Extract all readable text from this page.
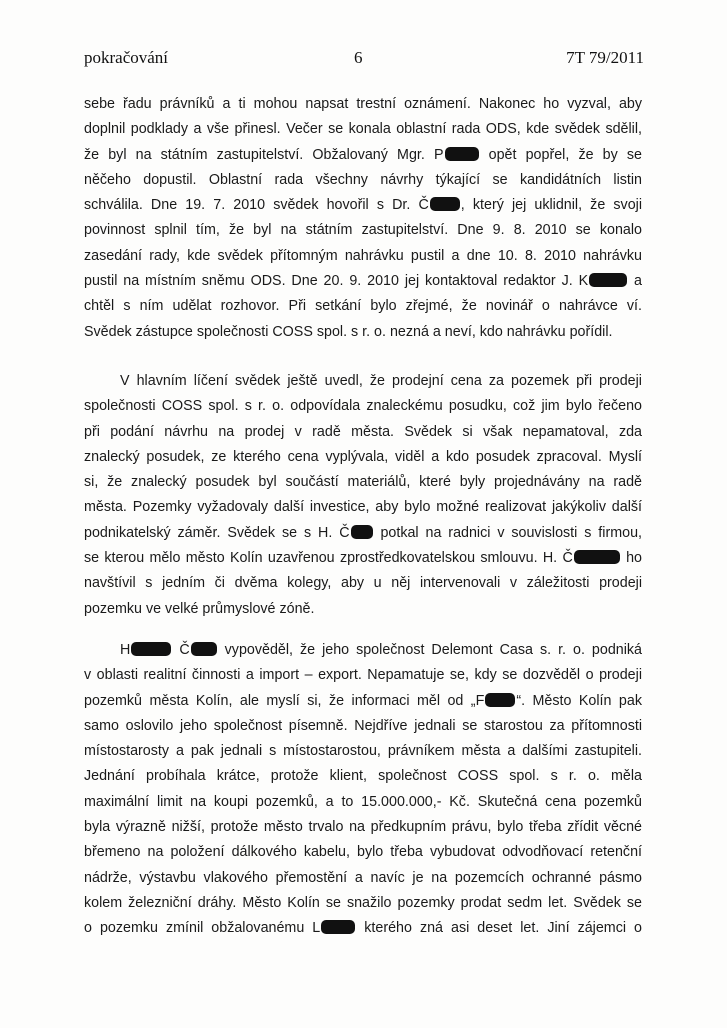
pokračování	6	7T 79/2011
sebe řadu právníků a ti mohou napsat trestní oznámení. Nakonec ho vyzval, aby
doplnil podklady a vše přinesl. Večer se konala oblastní rada ODS, kde svědek sdělil,
že byl na státním zastupitelství. Obžalovaný Mgr. P	opět popřel, že by se
něčeho dopustil. Oblastní rada všechny návrhy týkající se kandidátních listin
schválila. Dne 19. 7. 2010 svědek hovořil s Dr. Č , který jej uklidnil, že svoji
povinnost splnil tím, že byl na státním zastupitelství. Dne 9. 8. 2010 se konalo
zasedání rady, kde svědek přítomným nahrávku pustil a dne 10. 8. 2010 nahrávku
pustil na místním sněmu ODS. Dne 20. 9. 2010 jej kontaktoval redaktor J. K	a
chtěl s ním udělat rozhovor. Při setkání bylo zřejmé, že novinář o nahrávce ví.
Svědek zástupce společnosti COSS spol. s r. o. nezná a neví, kdo nahrávku pořídil.
V hlavním líčení svědek ještě uvedl, že prodejní cena za pozemek při prodeji
společnosti COSS spol. s r. o. odpovídala znaleckému posudku, což jim bylo řečeno
při podání návrhu na prodej v radě města. Svědek si však nepamatoval, zda
znalecký posudek, ze kterého cena vyplývala, viděl a kdo posudek zpracoval. Myslí
si, že znalecký posudek byl součástí materiálů, které byly projednávány na radě
města. Pozemky vyžadovaly další investice, aby bylo možné realizovat jakýkoliv další
podnikatelský záměr. Svědek se s H. Č potkal na radnici v souvislosti s firmou,
se kterou mělo město Kolín uzavřenou zprostředkovatelskou smlouvu. H. Č	ho
navštívil s jedním či dvěma kolegy, aby u něj intervenovali v záležitosti prodeji
pozemku ve velké průmyslové zóně.
H	Č vypověděl, že jeho společnost Delemont Casa s. r. o. podniká
v oblasti realitní činnosti a import – export. Nepamatuje se, kdy se dozvěděl o prodeji
pozemků města Kolín, ale myslí si, že informaci měl od „F “. Město Kolín pak
samo oslovilo jeho společnost písemně. Nejdříve jednali se starostou za přítomnosti
místostarosty a pak jednali s místostarostou, právníkem města a dalšími zastupiteli.
Jednání probíhala krátce, protože klient, společnost COSS spol. s r. o. měla
maximální limit na koupi pozemků, a to 15.000.000,- Kč. Skutečná cena pozemků
byla výrazně nižší, protože město trvalo na předkupním právu, bylo třeba zřídit věcné
břemeno na položení dálkového kabelu, bylo třeba vybudovat odvodňovací retenční
nádrže, výstavbu vlakového přemostění a navíc je na pozemcích ochranné pásmo
kolem železniční dráhy. Město Kolín se snažilo pozemky prodat sedm let. Svědek se
o pozemku zmínil obžalovanému L	kterého zná asi deset let. Jiní zájemci o
